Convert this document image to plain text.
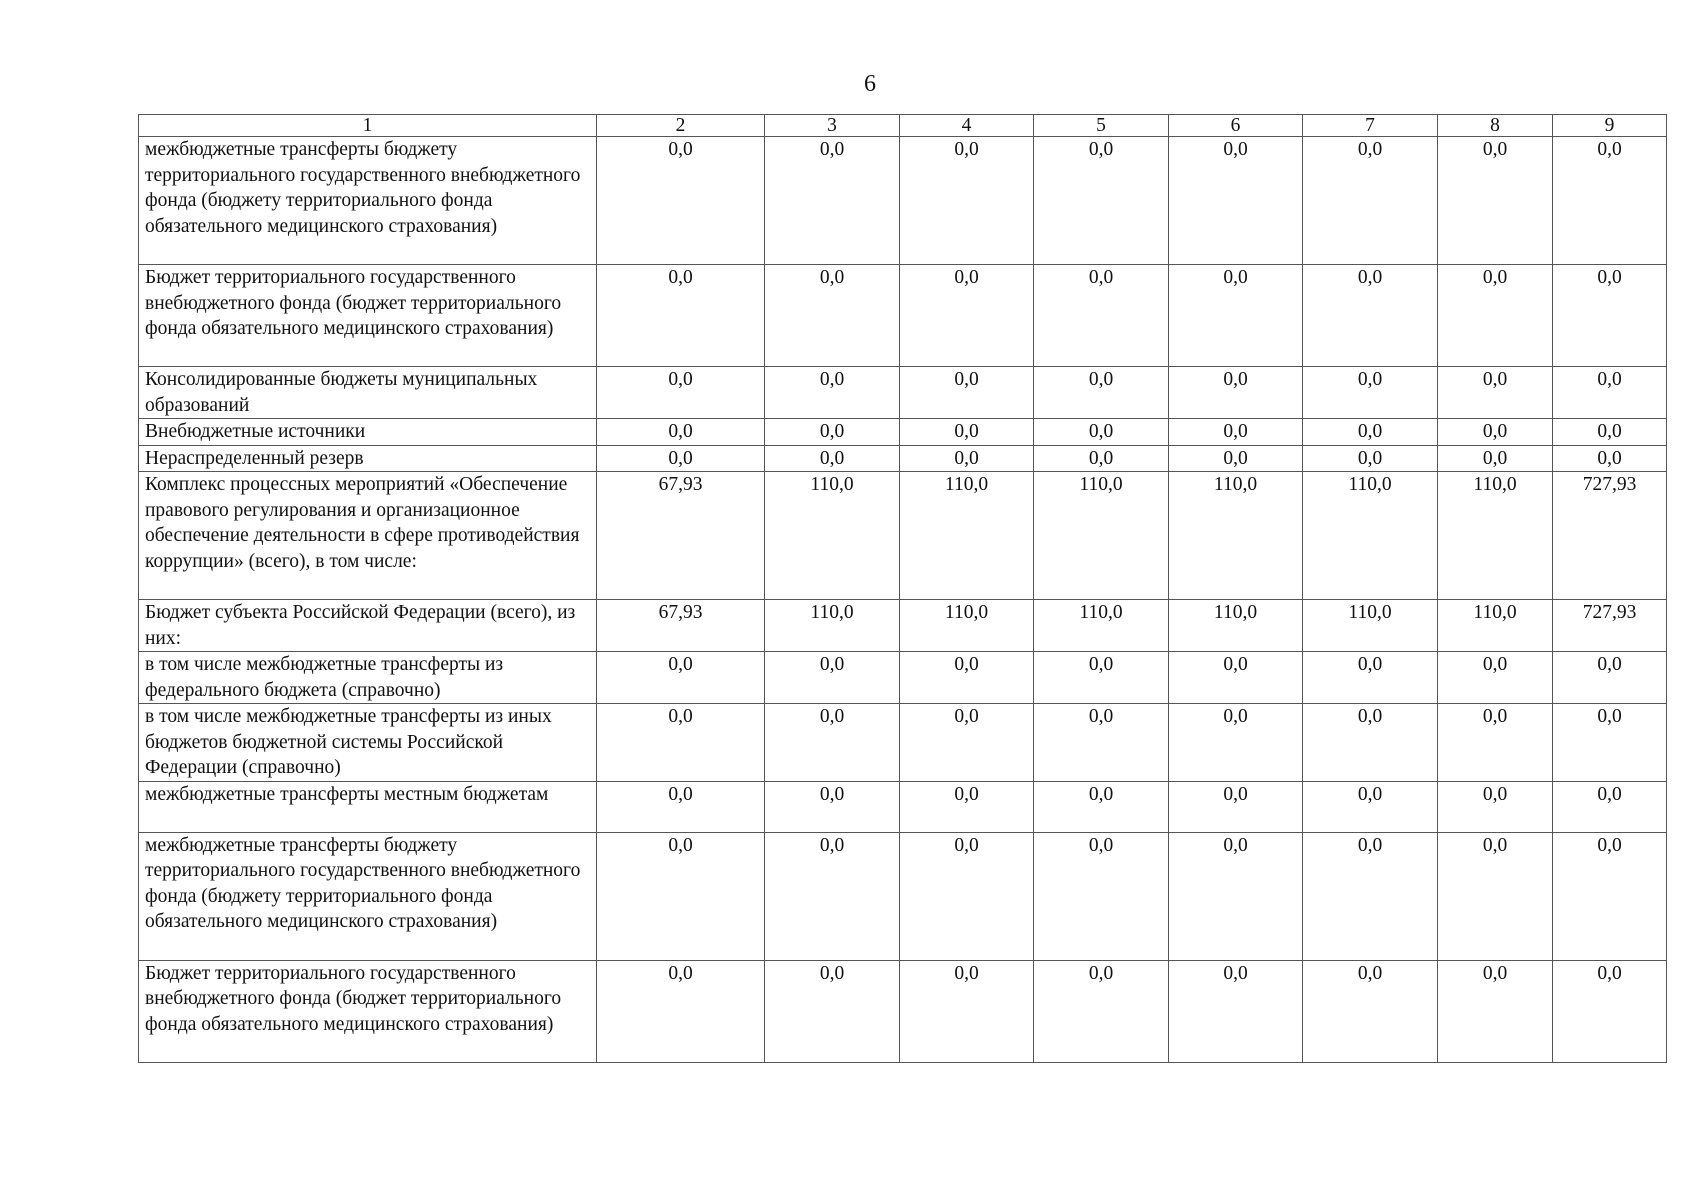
6
1	2	3	4	5	6	7	8	9
межбюджетные трансферты бюджету территориального государственного внебюджетного фонда (бюджету территориального фонда обязательного медицинского страхования)	0,0	0,0	0,0	0,0	0,0	0,0	0,0	0,0
Бюджет территориального государственного внебюджетного фонда (бюджет территориального фонда обязательного медицинского страхования)	0,0	0,0	0,0	0,0	0,0	0,0	0,0	0,0
Консолидированные бюджеты муниципальных образований	0,0	0,0	0,0	0,0	0,0	0,0	0,0	0,0
Внебюджетные источники	0,0	0,0	0,0	0,0	0,0	0,0	0,0	0,0
Нераспределенный резерв	0,0	0,0	0,0	0,0	0,0	0,0	0,0	0,0
Комплекс процессных мероприятий «Обеспечение правового регулирования и организационное обеспечение деятельности в сфере противодействия коррупции» (всего), в том числе:	67,93	110,0	110,0	110,0	110,0	110,0	110,0	727,93
Бюджет субъекта Российской Федерации (всего), из них:	67,93	110,0	110,0	110,0	110,0	110,0	110,0	727,93
в том числе межбюджетные трансферты из федерального бюджета (справочно)	0,0	0,0	0,0	0,0	0,0	0,0	0,0	0,0
в том числе межбюджетные трансферты из иных бюджетов бюджетной системы Российской Федерации (справочно)	0,0	0,0	0,0	0,0	0,0	0,0	0,0	0,0
межбюджетные трансферты местным бюджетам	0,0	0,0	0,0	0,0	0,0	0,0	0,0	0,0
межбюджетные трансферты бюджету территориального государственного внебюджетного фонда (бюджету территориального фонда обязательного медицинского страхования)	0,0	0,0	0,0	0,0	0,0	0,0	0,0	0,0
Бюджет территориального государственного внебюджетного фонда (бюджет территориального фонда обязательного медицинского страхования)	0,0	0,0	0,0	0,0	0,0	0,0	0,0	0,0
